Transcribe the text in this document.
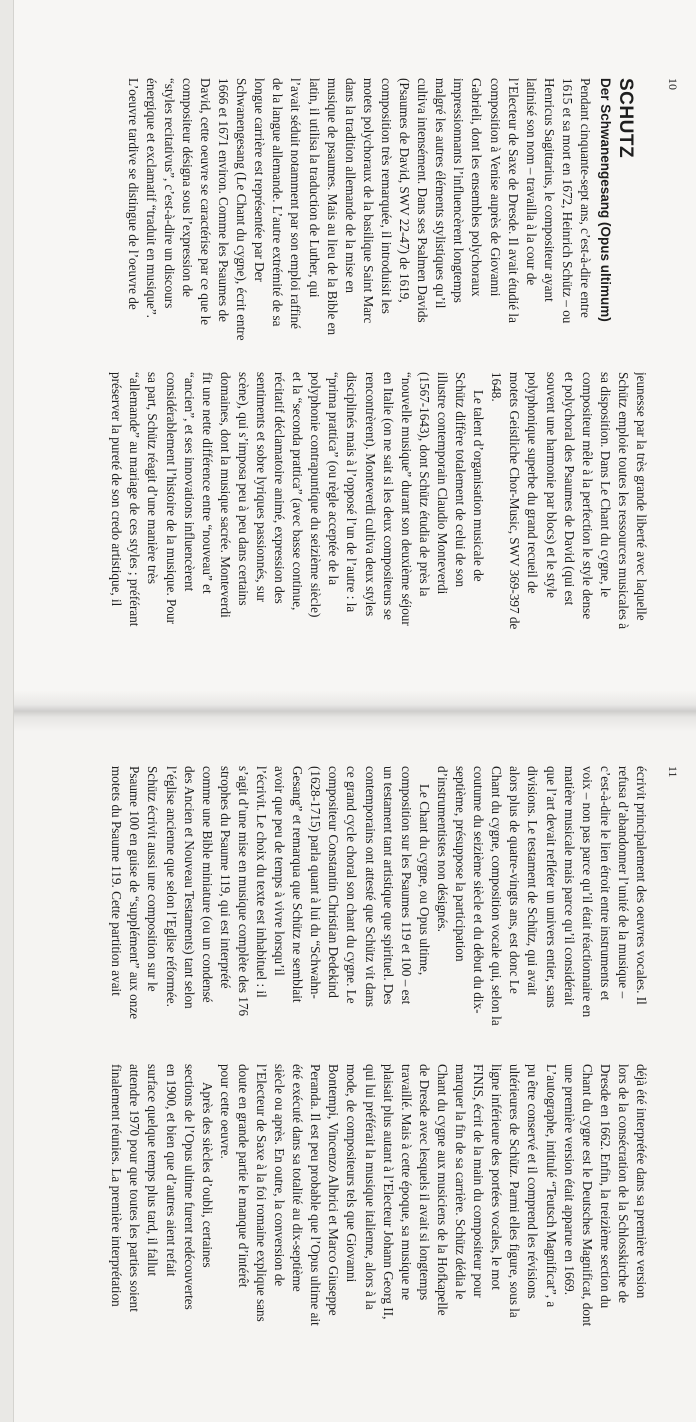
10
SCHUTZ
Der Schwanengesang (Opus ultimum)
Pendant cinquante-sept ans, c’est-à-dire entre
1615 et sa mort en 1672, Heinrich Schütz – ou
Henricus Sagittarius, le compositeur ayant
latinisé son nom – travailla à la cour de
l’Electeur de Saxe de Dresde. Il avait étudié la
composition à Venise auprès de Giovanni
Gabrieli, dont les ensembles polychoraux
impressionnants l’influencèrent longtemps
malgré les autres éléments stylistiques qu’il
cultiva intensément. Dans ses Psalmen Davids
(Psaumes de David, SWV 22-47) de 1619,
composition très remarquée, il introduisit les
motets polychoraux de la basilique Saint Marc
dans la tradition allemande de la mise en
musique de psaumes. Mais au lieu de la Bible en
latin, il utilisa la traduction de Luther, qui
l’avait séduit notamment par son emploi raffiné
de la langue allemande. L’autre extrémité de sa
longue carrière est représentée par Der
Schwanengesang (Le Chant du cygne), écrit entre
1666 et 1671 environ. Comme les Psaumes de
David, cette oeuvre se caractérise par ce que le
compositeur désigna sous l’expression de
“styles recitativus”, c’est-à-dire un discours
énergique et exclamatif “traduit en musique”.
L’oeuvre tardive se distingue de l’oeuvre de
jeunesse par la très grande liberté avec laquelle
Schütz emploie toutes les ressources musicales à
sa disposition. Dans Le Chant du cygne, le
compositeur mêle à la perfection le style dense
et polychoral des Psaumes de David (qui est
souvent une harmonie par blocs) et le style
polyphonique superbe du grand recueil de
motets Geistliche Chor-Music, SWV 369-397 de
1648.
Le talent d’organisation musicale de
Schütz diffère totalement de celui de son
illustre contemporain Claudio Monteverdi
(1567-1643), dont Schütz étudia de près la
“nouvelle musique” durant son deuxième séjour
en Italie (on ne sait si les deux compositeurs se
rencontrèrent). Monteverdi cultiva deux styles
disciplinés mais à l’opposé l’un de l’autre : la
“prima prattica” (ou règle acceptée de la
polyphonie contrapuntique du seizième siècle)
et la “seconda prattica” (avec basse continue,
récitatif déclamatoire animé, expression des
sentiments et sobre lyriques passionnés, sur
scène), qui s’imposa peu à peu dans certains
domaines, dont la musique sacrée. Monteverdi
fit une nette différence entre “nouveau” et
“ancien”, et ses innovations influencèrent
considérablement l’histoire de la musique. Pour
sa part, Schütz réagit d’une manière très
“allemande” au mariage de ces styles ; préférant
préserver la pureté de son credo artistique, il
11
écrivit principalement des oeuvres vocales. Il
refusa d’abandonner l’unité de la musique –
c’est-à-dire le lien étroit entre instruments et
voix – non pas parce qu’il était réactionnaire en
matière musicale mais parce qu’il considérait
que l’art devait refléter un univers entier, sans
divisions. Le testament de Schütz, qui avait
alors plus de quatre-vingts ans, est donc Le
Chant du cygne, composition vocale qui, selon la
coutume du seizième siècle et du début du dix-
septième, présuppose la participation
d’instrumentistes non désignés.
Le Chant du cygne, ou Opus ultime,
composition sur les Psaumes 119 et 100 – est
un testament tant artistique que spirituel. Des
contemporains ont attesté que Schütz vit dans
ce grand cycle choral son chant du cygne. Le
compositeur Constantin Christian Dedekind
(1628-1715) parla quant à lui du “Schwahn-
Gesang” et remarqua que Schütz ne semblait
avoir que peu de temps à vivre lorsqu’il
l’écrivit. Le choix du texte est inhabituel : il
s’agit d’une mise en musique complète des 176
strophes du Psaume 119, qui est interprété
comme une Bible miniature (ou un condensé
des Ancien et Nouveau Testaments) tant selon
l’église ancienne que selon l’Eglise réformée.
Schütz écrivit aussi une composition sur le
Psaume 100 en guise de “supplément” aux onze
motets du Psaume 119. Cette partition avait
déjà été interprétée dans sa première version
lors de la consécration de la Schlosskirche de
Dresde en 1662. Enfin, la treizième section du
Chant du cygne est le Deutsches Magnificat, dont
une première version était apparue en 1669.
L’autographe, intitulé “Teutsch Magnificat”, a
pu être conservé et il comprend les révisions
ultérieures de Schütz. Parmi elles figure, sous la
ligne inférieure des portées vocales, le mot
FINIS, écrit de la main du compositeur pour
marquer la fin de sa carrière. Schütz dédia le
Chant du cygne aux musiciens de la Hofkapelle
de Dresde avec lesquels il avait si longtemps
travaillé. Mais à cette époque, sa musique ne
plaisait plus autant à l’Electeur Johann Georg II,
qui lui préférait la musique italienne, alors à la
mode, de compositeurs tels que Giovanni
Bontempi, Vincenzo Albrici et Marco Giuseppe
Peranda. Il est peu probable que l’Opus ultime ait
été exécuté dans sa totalité au dix-septième
siècle ou après. En outre, la conversion de
l’Electeur de Saxe à la foi romaine explique sans
doute en grande partie le manque d’intérêt
pour cette oeuvre.
Après des siècles d’oubli, certaines
sections de l’Opus ultime furent redécouvertes
en 1900, et bien que d’autres aient refait
surface quelque temps plus tard, il fallut
attendre 1970 pour que toutes les parties soient
finalement réunies. La première interprétation
